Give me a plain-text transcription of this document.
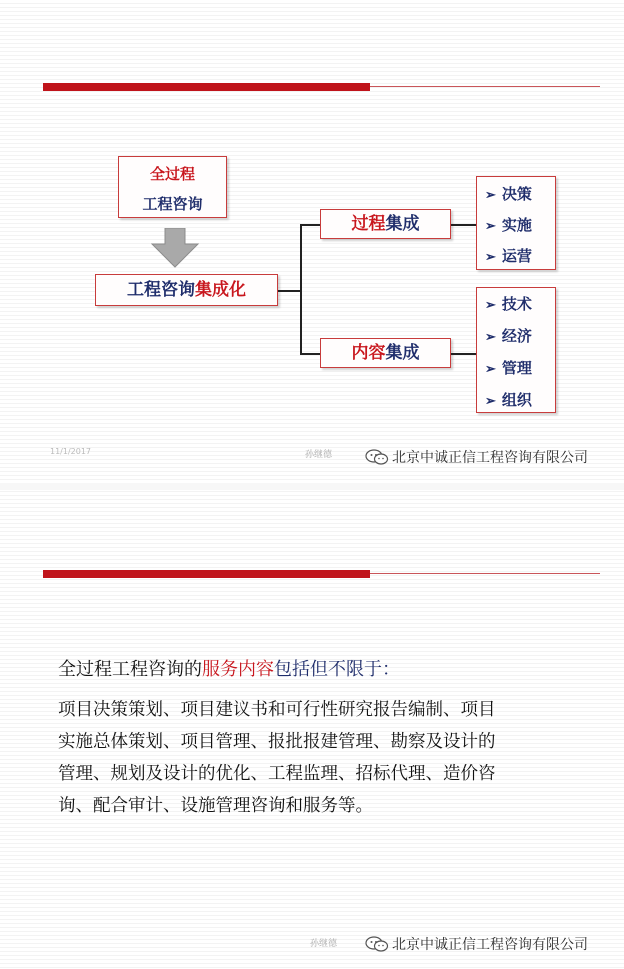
全过程
工程咨询
工程咨询集成化
过程集成
内容集成
➢ 决策
➢ 实施
➢ 运营
➢ 技术
➢ 经济
➢ 管理
➢ 组织
11/1/2017	孙继德	北京中诚正信工程咨询有限公司
全过程工程咨询的服务内容包括但不限于：
项目决策策划、项目建议书和可行性研究报告编制、项目
实施总体策划、项目管理、报批报建管理、勘察及设计的
管理、规划及设计的优化、工程监理、招标代理、造价咨
询、配合审计、设施管理咨询和服务等。
孙继德	北京中诚正信工程咨询有限公司
